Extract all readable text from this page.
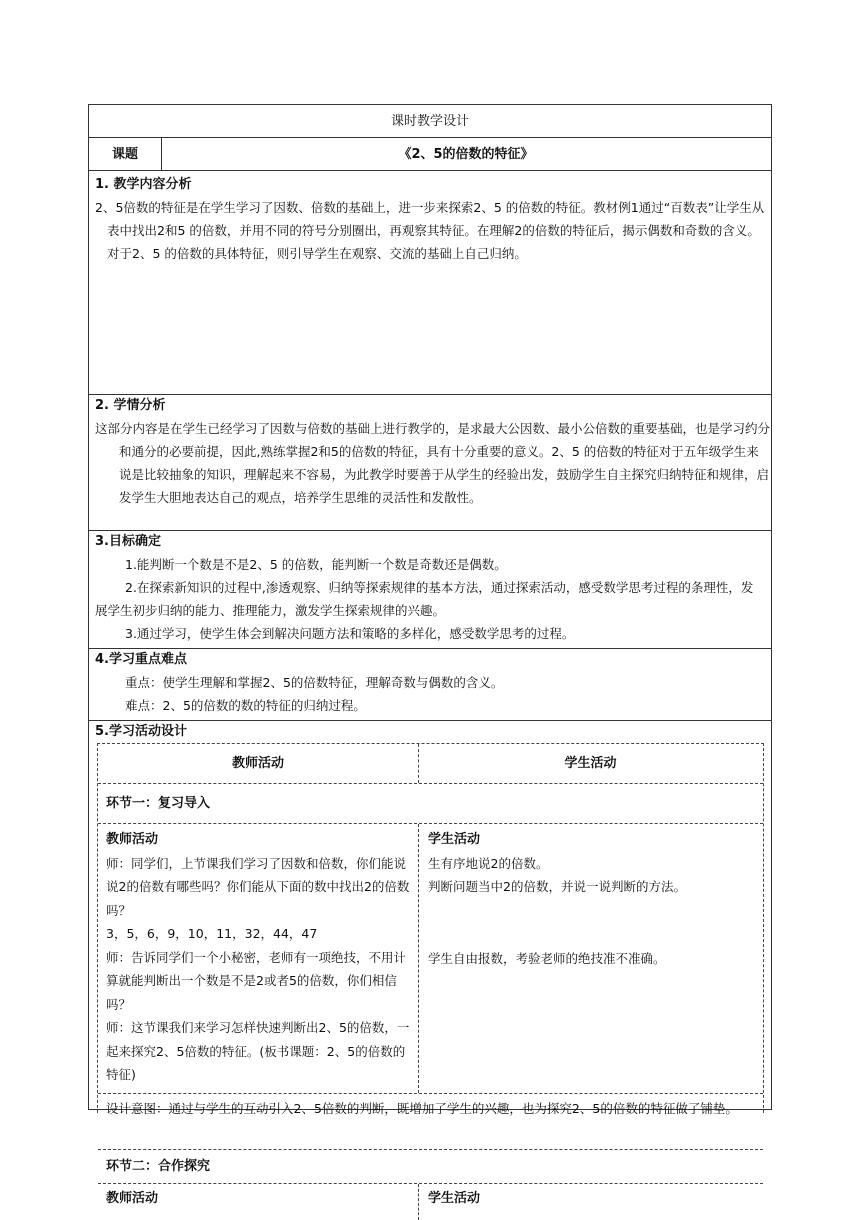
课时教学设计
课题	《2、5的倍数的特征》
1. 教学内容分析

2、5倍数的特征是在学生学习了因数、倍数的基础上，进一步来探索2、5 的倍数的特征。教材例1通过“百数表”让学生从表中找出2和5 的倍数，并用不同的符号分别圈出，再观察其特征。在理解2的倍数的特征后，揭示偶数和奇数的含义。对于2、5 的倍数的具体特征，则引导学生在观察、交流的基础上自己归纳。

2. 学情分析

这部分内容是在学生已经学习了因数与倍数的基础上进行教学的，是求最大公因数、最小公倍数的重要基础，也是学习约分和通分的必要前提，因此,熟练掌握2和5的倍数的特征，具有十分重要的意义。2、5 的倍数的特征对于五年级学生来说是比较抽象的知识，理解起来不容易，为此教学时要善于从学生的经验出发，鼓励学生自主探究归纳特征和规律，启发学生大胆地表达自己的观点，培养学生思维的灵活性和发散性。

3.目标确定

1.能判断一个数是不是2、5 的倍数，能判断一个数是奇数还是偶数。

2.在探索新知识的过程中,渗透观察、归纳等探索规律的基本方法，通过探索活动，感受数学思考过程的条理性，发展学生初步归纳的能力、推理能力，激发学生探索规律的兴趣。

3.通过学习，使学生体会到解决问题方法和策略的多样化，感受数学思考的过程。

4.学习重点难点

重点：使学生理解和掌握2、5的倍数特征，理解奇数与偶数的含义。

难点：2、5的倍数的数的特征的归纳过程。

5.学习活动设计
教师活动	学生活动
环节一：复习导入
教师活动
师：同学们，上节课我们学习了因数和倍数，你们能说说2的倍数有哪些吗？你们能从下面的数中找出2的倍数吗？
3，5，6，9，10，11，32，44，47
师：告诉同学们一个小秘密，老师有一项绝技，不用计算就能判断出一个数是不是2或者5的倍数，你们相信吗？
师：这节课我们来学习怎样快速判断出2、5的倍数，一起来探究2、5倍数的特征。(板书课题：2、5的倍数的特征)
学生活动
生有序地说2的倍数。
判断问题当中2的倍数，并说一说判断的方法。
学生自由报数，考验老师的绝技准不准确。
设计意图：通过与学生的互动引入2、5倍数的判断，既增加了学生的兴趣，也为探究2、5的倍数的特征做了铺垫。
环节二：合作探究
教师活动	学生活动
